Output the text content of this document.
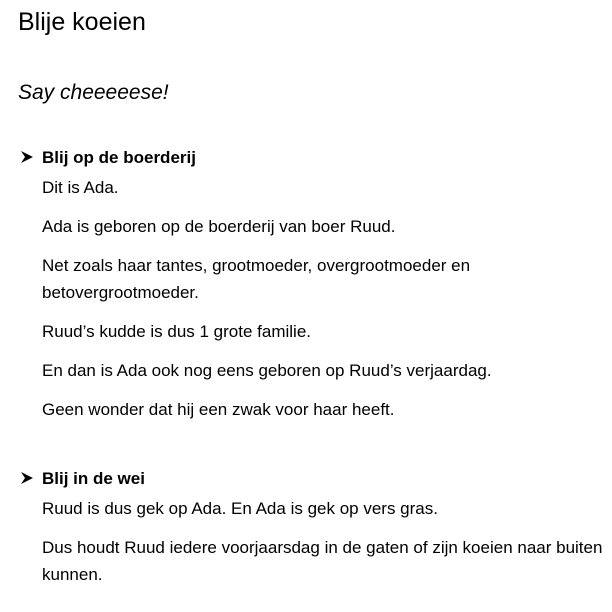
Blije koeien
Say cheeeeese!
Blij op de boerderij

Dit is Ada.

Ada is geboren op de boerderij van boer Ruud.

Net zoals haar tantes, grootmoeder, overgrootmoeder en betovergrootmoeder.

Ruud’s kudde is dus 1 grote familie.

En dan is Ada ook nog eens geboren op Ruud’s verjaardag.

Geen wonder dat hij een zwak voor haar heeft.

Blij in de wei

Ruud is dus gek op Ada. En Ada is gek op vers gras.

Dus houdt Ruud iedere voorjaarsdag in de gaten of zijn koeien naar buiten kunnen.
